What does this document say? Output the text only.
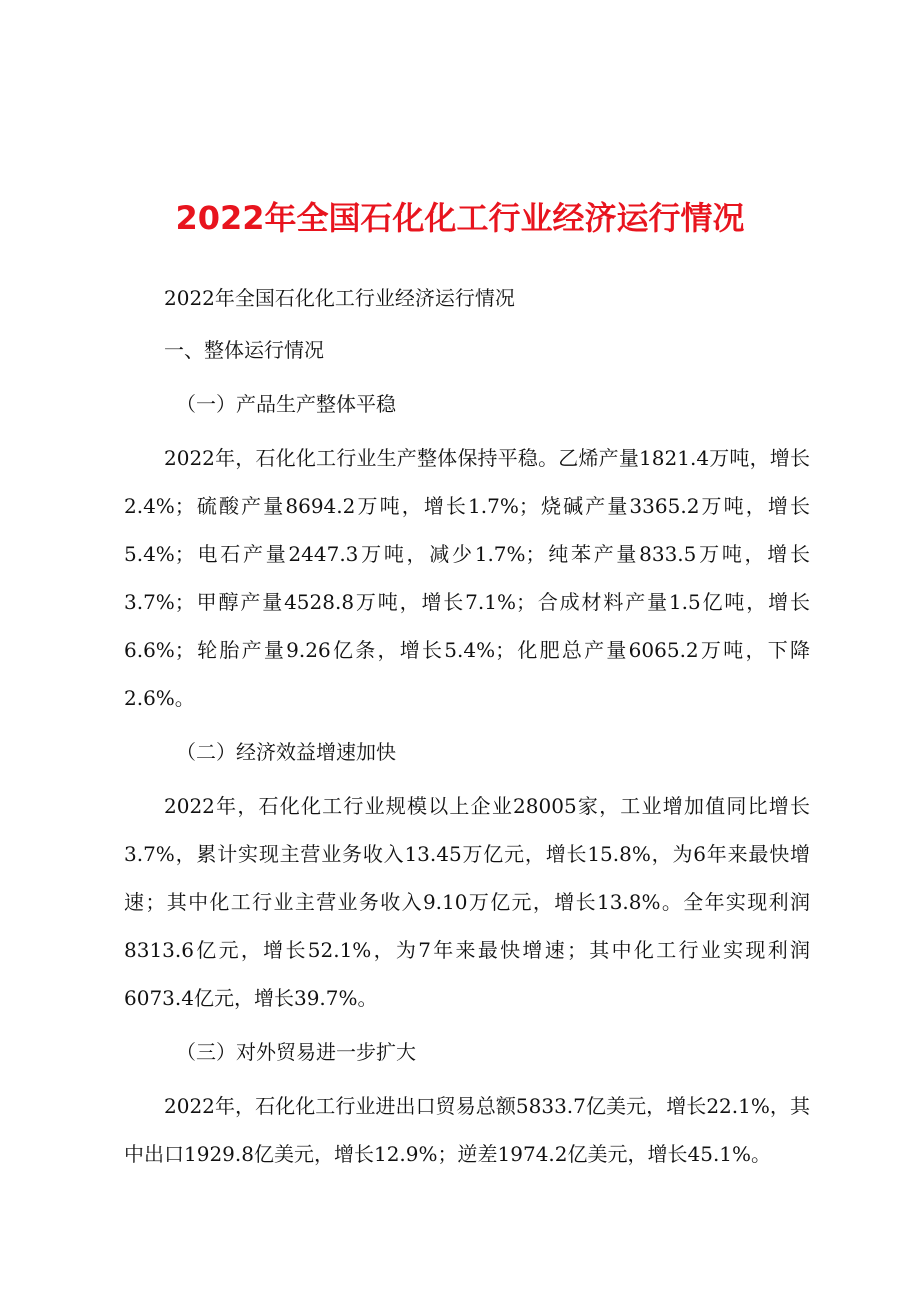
2022年全国石化化工行业经济运行情况

2022年全国石化化工行业经济运行情况

一、整体运行情况

（一）产品生产整体平稳

2022年，石化化工行业生产整体保持平稳。乙烯产量1821.4万吨，增长2.4%；硫酸产量8694.2万吨，增长1.7%；烧碱产量3365.2万吨，增长5.4%；电石产量2447.3万吨，减少1.7%；纯苯产量833.5万吨，增长3.7%；甲醇产量4528.8万吨，增长7.1%；合成材料产量1.5亿吨，增长6.6%；轮胎产量9.26亿条，增长5.4%；化肥总产量6065.2万吨，下降2.6%。

（二）经济效益增速加快

2022年，石化化工行业规模以上企业28005家，工业增加值同比增长3.7%，累计实现主营业务收入13.45万亿元，增长15.8%，为6年来最快增速；其中化工行业主营业务收入9.10万亿元，增长13.8%。全年实现利润8313.6亿元，增长52.1%，为7年来最快增速；其中化工行业实现利润6073.4亿元，增长39.7%。

（三）对外贸易进一步扩大

2022年，石化化工行业进出口贸易总额5833.7亿美元，增长22.1%，其中出口1929.8亿美元，增长12.9%；逆差1974.2亿美元，增长45.1%。
